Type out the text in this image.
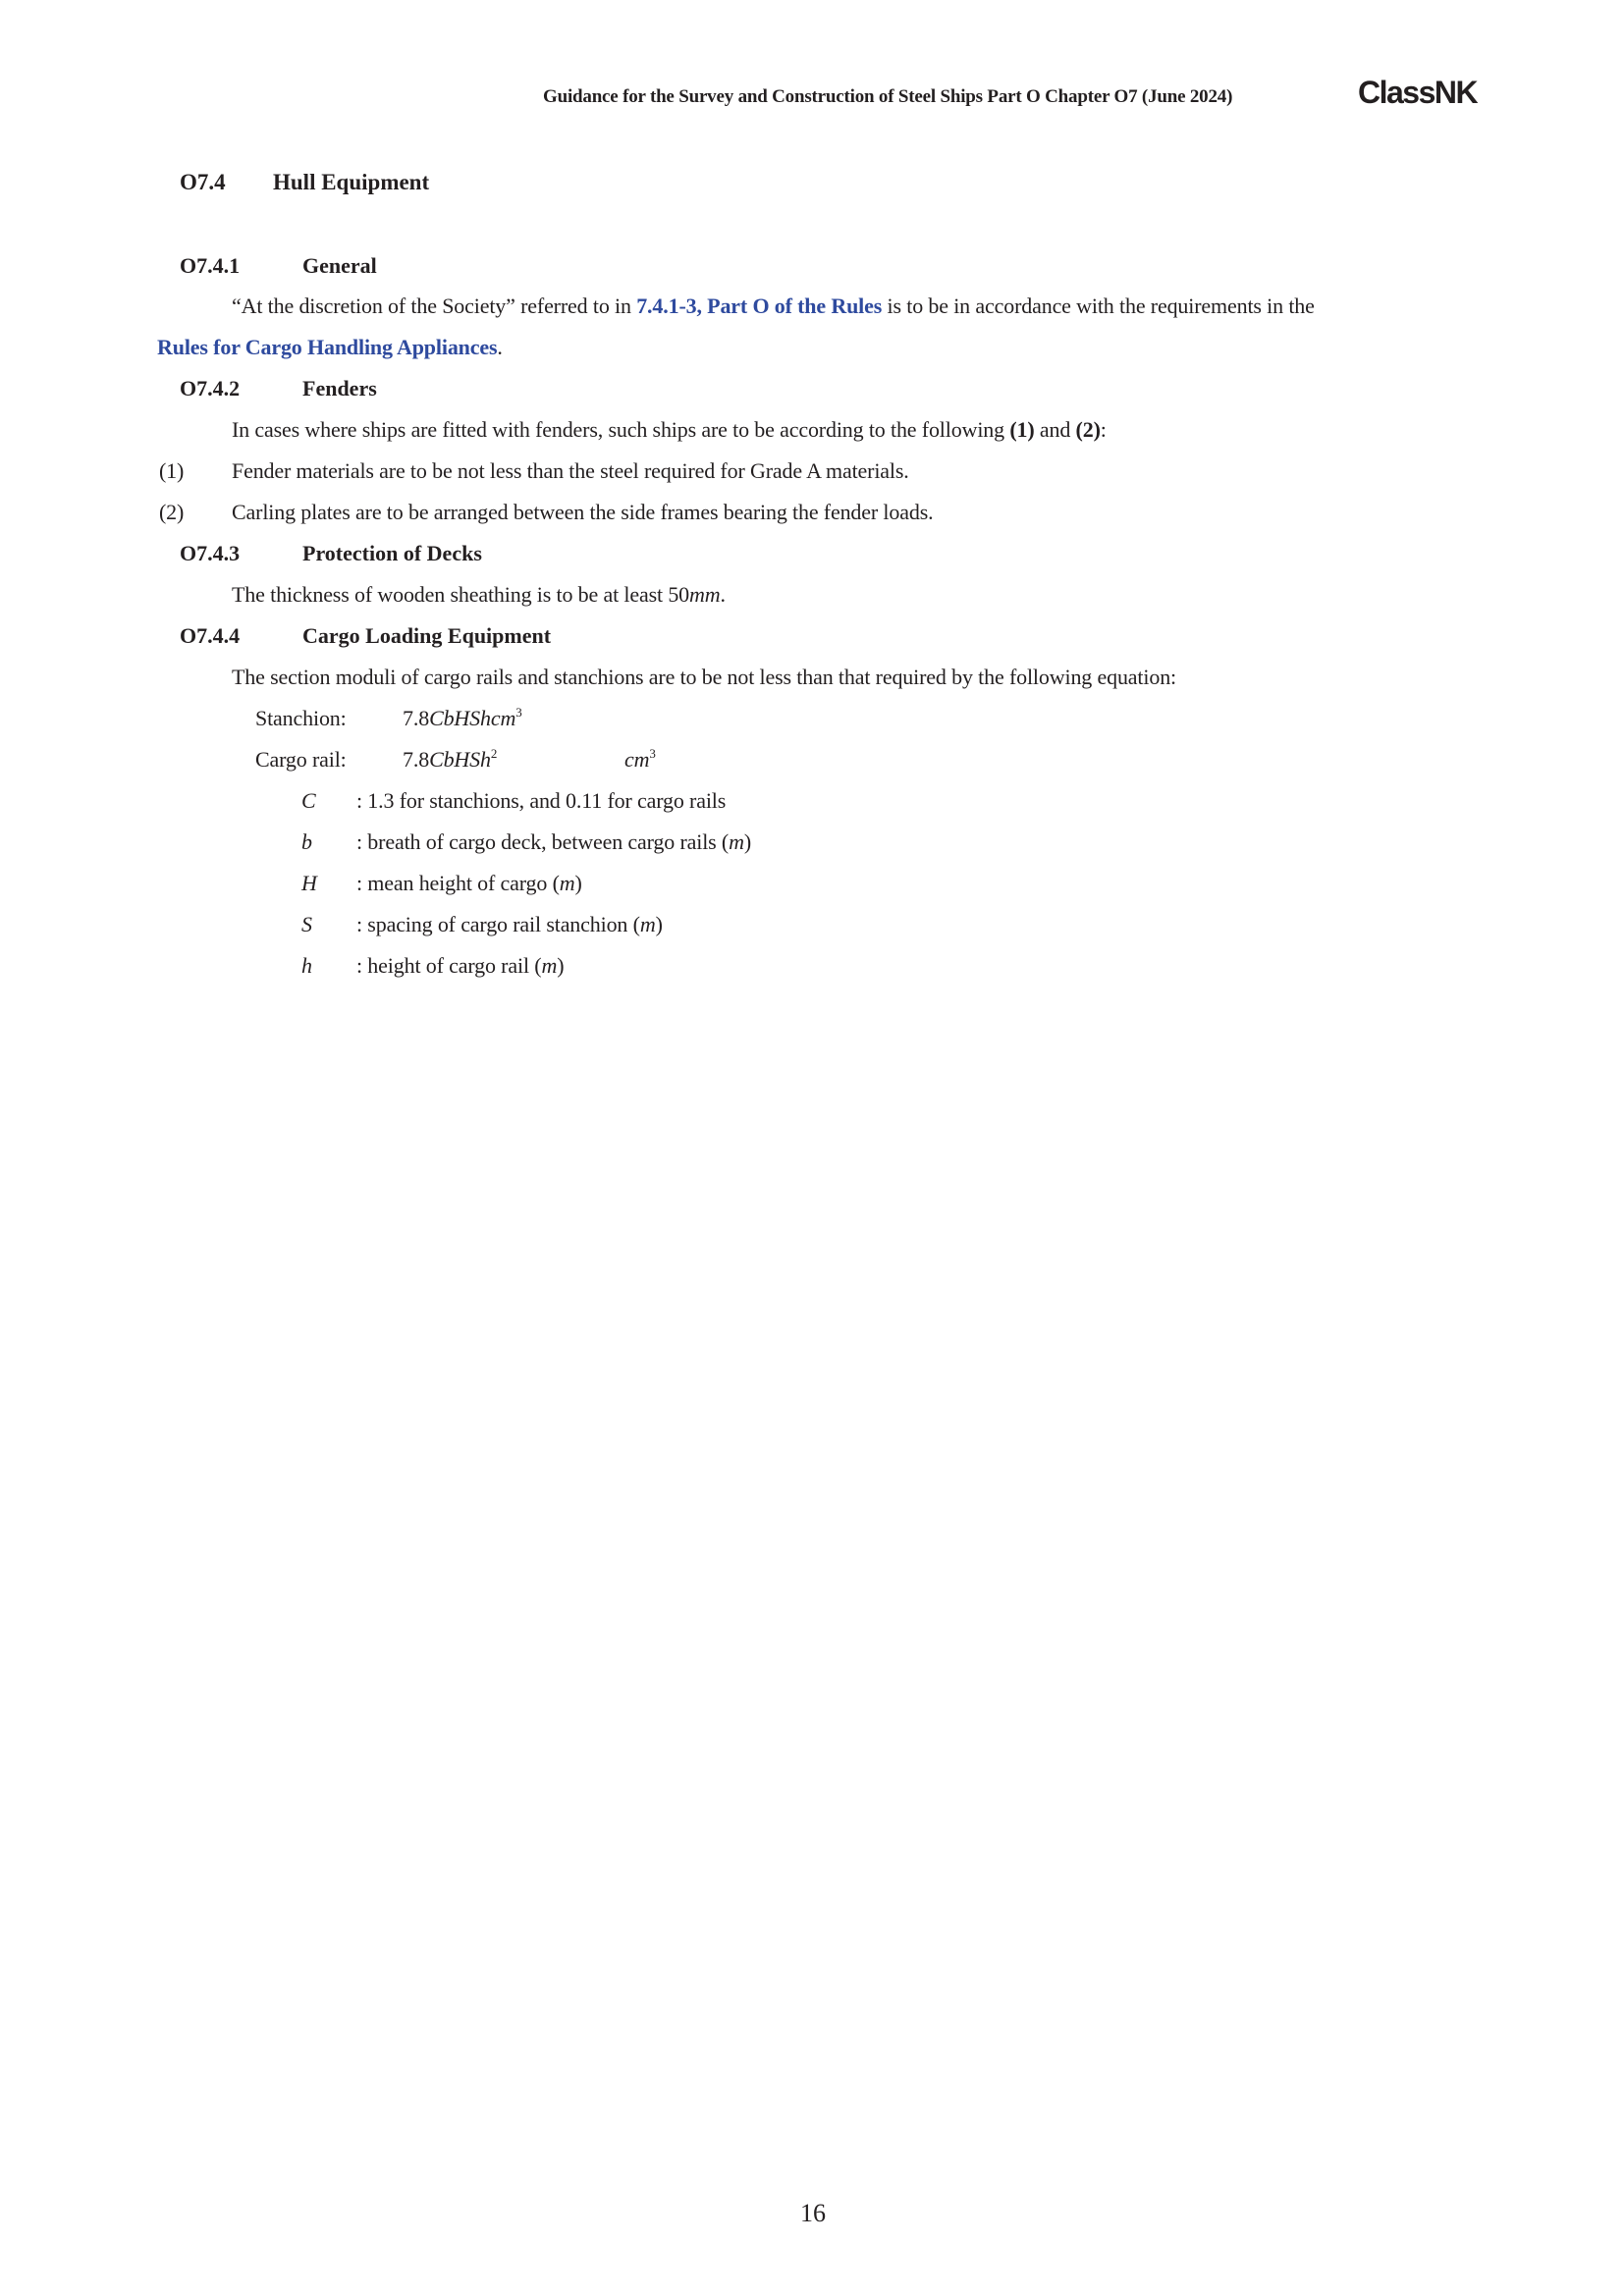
Guidance for the Survey and Construction of Steel Ships Part O Chapter O7 (June 2024)	ClassNK
O7.4 Hull Equipment
O7.4.1	General
“At the discretion of the Society” referred to in 7.4.1-3, Part O of the Rules is to be in accordance with the requirements in the
Rules for Cargo Handling Appliances.
O7.4.2	Fenders
In cases where ships are fitted with fenders, such ships are to be according to the following (1) and (2):
(1) Fender materials are to be not less than the steel required for Grade A materials.
(2) Carling plates are to be arranged between the side frames bearing the fender loads.
O7.4.3	Protection of Decks
The thickness of wooden sheathing is to be at least 50mm.
O7.4.4	Cargo Loading Equipment
The section moduli of cargo rails and stanchions are to be not less than that required by the following equation:
Stanchion:	7.8CbHShcm$^3$
Cargo rail:	7.8CbHSh$^2$	$cm^3$
C : 1.3 for stanchions, and 0.11 for cargo rails
b : breath of cargo deck, between cargo rails (m)
H : mean height of cargo (m)
S : spacing of cargo rail stanchion (m)
h : height of cargo rail (m)
16
